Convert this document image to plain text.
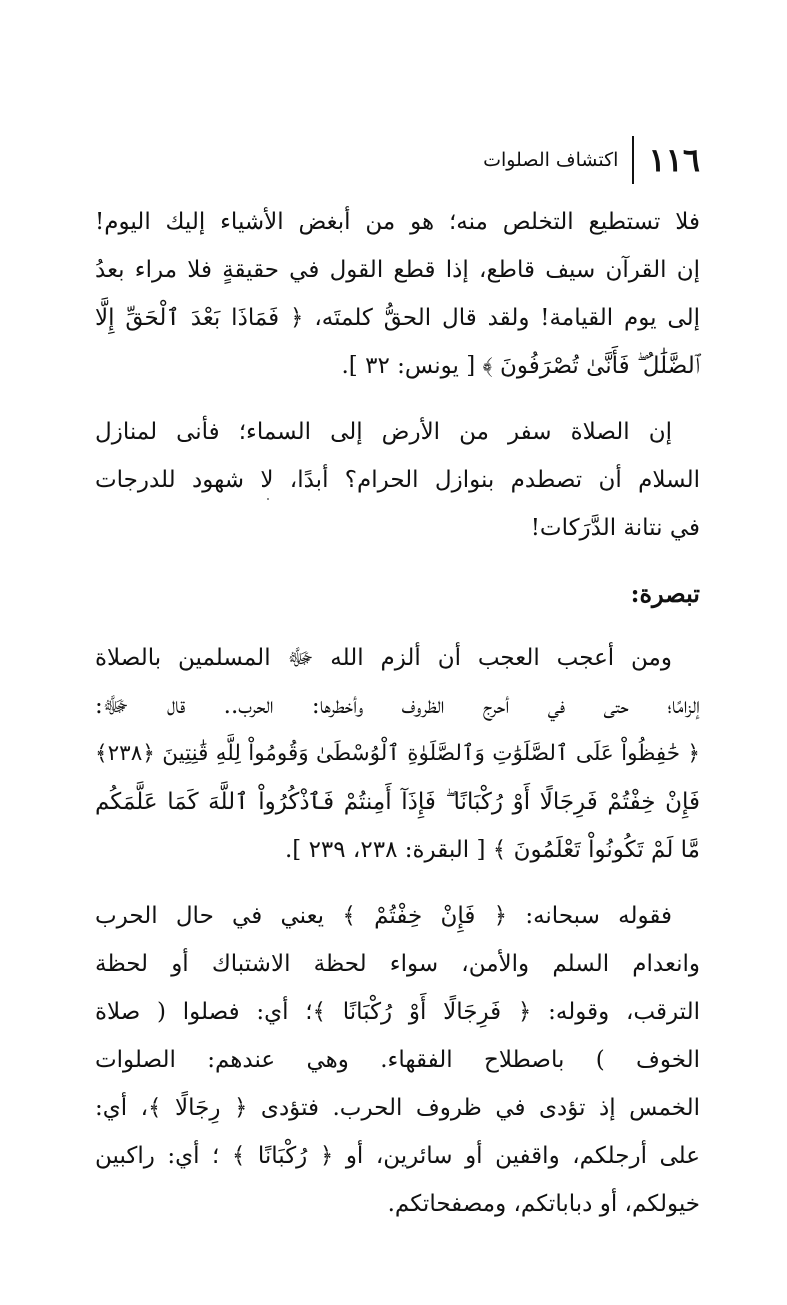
١١٦
اكتشاف الصلوات
فلا تستطيع التخلص منه؛ هو من أبغض الأشياء إليك اليوم!
إن القرآن سيف قاطع، إذا قطع القول في حقيقةٍ فلا مراء بعدُ
إلى يوم القيامة! ولقد قال الحقُّ كلمتَه، ﴿ فَمَاذَا بَعْدَ ٱلْحَقِّ إِلَّا
ٱلضَّلَٰلُ ۖ فَأَنَّىٰ تُصْرَفُونَ ﴾ [ يونس: ٣٢ ].
إن الصلاة سفر من الأرض إلى السماء؛ فأنى لمنازل
السلام أن تصطدم بنوازل الحرام؟ أبدًا، لا شهود للدرجات
في نتانة الدَّرَكات!
تبصرة:
ومن أعجب العجب أن ألزم الله ﷻ المسلمين بالصلاة
إلزامًا؛ حتى في أحرج الظروف وأخطرها: الحرب.. قال ﷻ:
﴿ حَٰفِظُواْ عَلَى ٱلصَّلَوَٰتِ وَٱلصَّلَوٰةِ ٱلْوُسْطَىٰ وَقُومُواْ لِلَّهِ قَٰنِتِينَ ﴿٢٣٨﴾
فَإِنْ خِفْتُمْ فَرِجَالًا أَوْ رُكْبَانًا ۖ فَإِذَآ أَمِنتُمْ فَٱذْكُرُواْ ٱللَّهَ كَمَا عَلَّمَكُم
مَّا لَمْ تَكُونُواْ تَعْلَمُونَ ﴾ [ البقرة: ٢٣٨، ٢٣٩ ].
فقوله سبحانه: ﴿ فَإِنْ خِفْتُمْ ﴾ يعني في حال الحرب
وانعدام السلم والأمن، سواء لحظة الاشتباك أو لحظة
الترقب، وقوله: ﴿ فَرِجَالًا أَوْ رُكْبَانًا ﴾؛ أي: فصلوا ( صلاة
الخوف ) باصطلاح الفقهاء. وهي عندهم: الصلوات
الخمس إذ تؤدى في ظروف الحرب. فتؤدى ﴿ رِجَالًا ﴾، أي:
على أرجلكم، واقفين أو سائرين، أو ﴿ رُكْبَانًا ﴾ ؛ أي: راكبين
خيولكم، أو دباباتكم، ومصفحاتكم.
